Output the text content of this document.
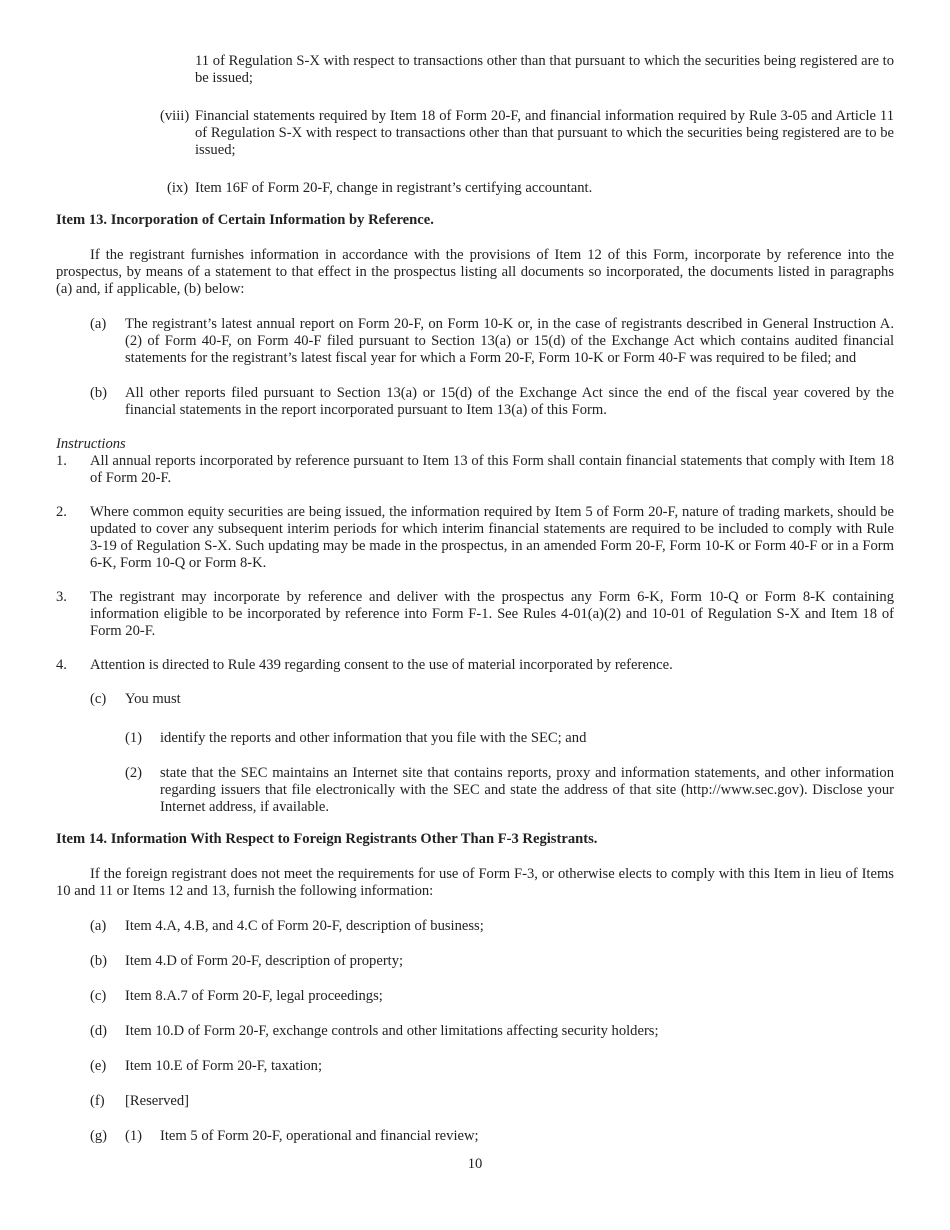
11 of Regulation S-X with respect to transactions other than that pursuant to which the securities being registered are to be issued;

(viii) Financial statements required by Item 18 of Form 20-F, and financial information required by Rule 3-05 and Article 11 of Regulation S-X with respect to transactions other than that pursuant to which the securities being registered are to be issued;
(ix) Item 16F of Form 20-F, change in registrant’s certifying accountant.

Item 13. Incorporation of Certain Information by Reference.

If the registrant furnishes information in accordance with the provisions of Item 12 of this Form, incorporate by reference into the prospectus, by means of a statement to that effect in the prospectus listing all documents so incorporated, the documents listed in paragraphs (a) and, if applicable, (b) below:

(a) The registrant’s latest annual report on Form 20-F, on Form 10-K or, in the case of registrants described in General Instruction A.(2) of Form 40-F, on Form 40-F filed pursuant to Section 13(a) or 15(d) of the Exchange Act which contains audited financial statements for the registrant’s latest fiscal year for which a Form 20-F, Form 10-K or Form 40-F was required to be filed; and
(b) All other reports filed pursuant to Section 13(a) or 15(d) of the Exchange Act since the end of the fiscal year covered by the financial statements in the report incorporated pursuant to Item 13(a) of this Form.

Instructions

1. All annual reports incorporated by reference pursuant to Item 13 of this Form shall contain financial statements that comply with Item 18 of Form 20-F.
2. Where common equity securities are being issued, the information required by Item 5 of Form 20-F, nature of trading markets, should be updated to cover any subsequent interim periods for which interim financial statements are required to be included to comply with Rule 3-19 of Regulation S-X. Such updating may be made in the prospectus, in an amended Form 20-F, Form 10-K or Form 40-F or in a Form 6-K, Form 10-Q or Form 8-K.
3. The registrant may incorporate by reference and deliver with the prospectus any Form 6-K, Form 10-Q or Form 8-K containing information eligible to be incorporated by reference into Form F-1. See Rules 4-01(a)(2) and 10-01 of Regulation S-X and Item 18 of Form 20-F.
4. Attention is directed to Rule 439 regarding consent to the use of material incorporated by reference.
(c) You must
(1) identify the reports and other information that you file with the SEC; and
(2) state that the SEC maintains an Internet site that contains reports, proxy and information statements, and other information regarding issuers that file electronically with the SEC and state the address of that site (http://www.sec.gov). Disclose your Internet address, if available.

Item 14. Information With Respect to Foreign Registrants Other Than F-3 Registrants.

If the foreign registrant does not meet the requirements for use of Form F-3, or otherwise elects to comply with this Item in lieu of Items 10 and 11 or Items 12 and 13, furnish the following information:

(a) Item 4.A, 4.B, and 4.C of Form 20-F, description of business;
(b) Item 4.D of Form 20-F, description of property;
(c) Item 8.A.7 of Form 20-F, legal proceedings;
(d) Item 10.D of Form 20-F, exchange controls and other limitations affecting security holders;
(e) Item 10.E of Form 20-F, taxation;
(f) [Reserved]
(g) (1) Item 5 of Form 20-F, operational and financial review;
10
